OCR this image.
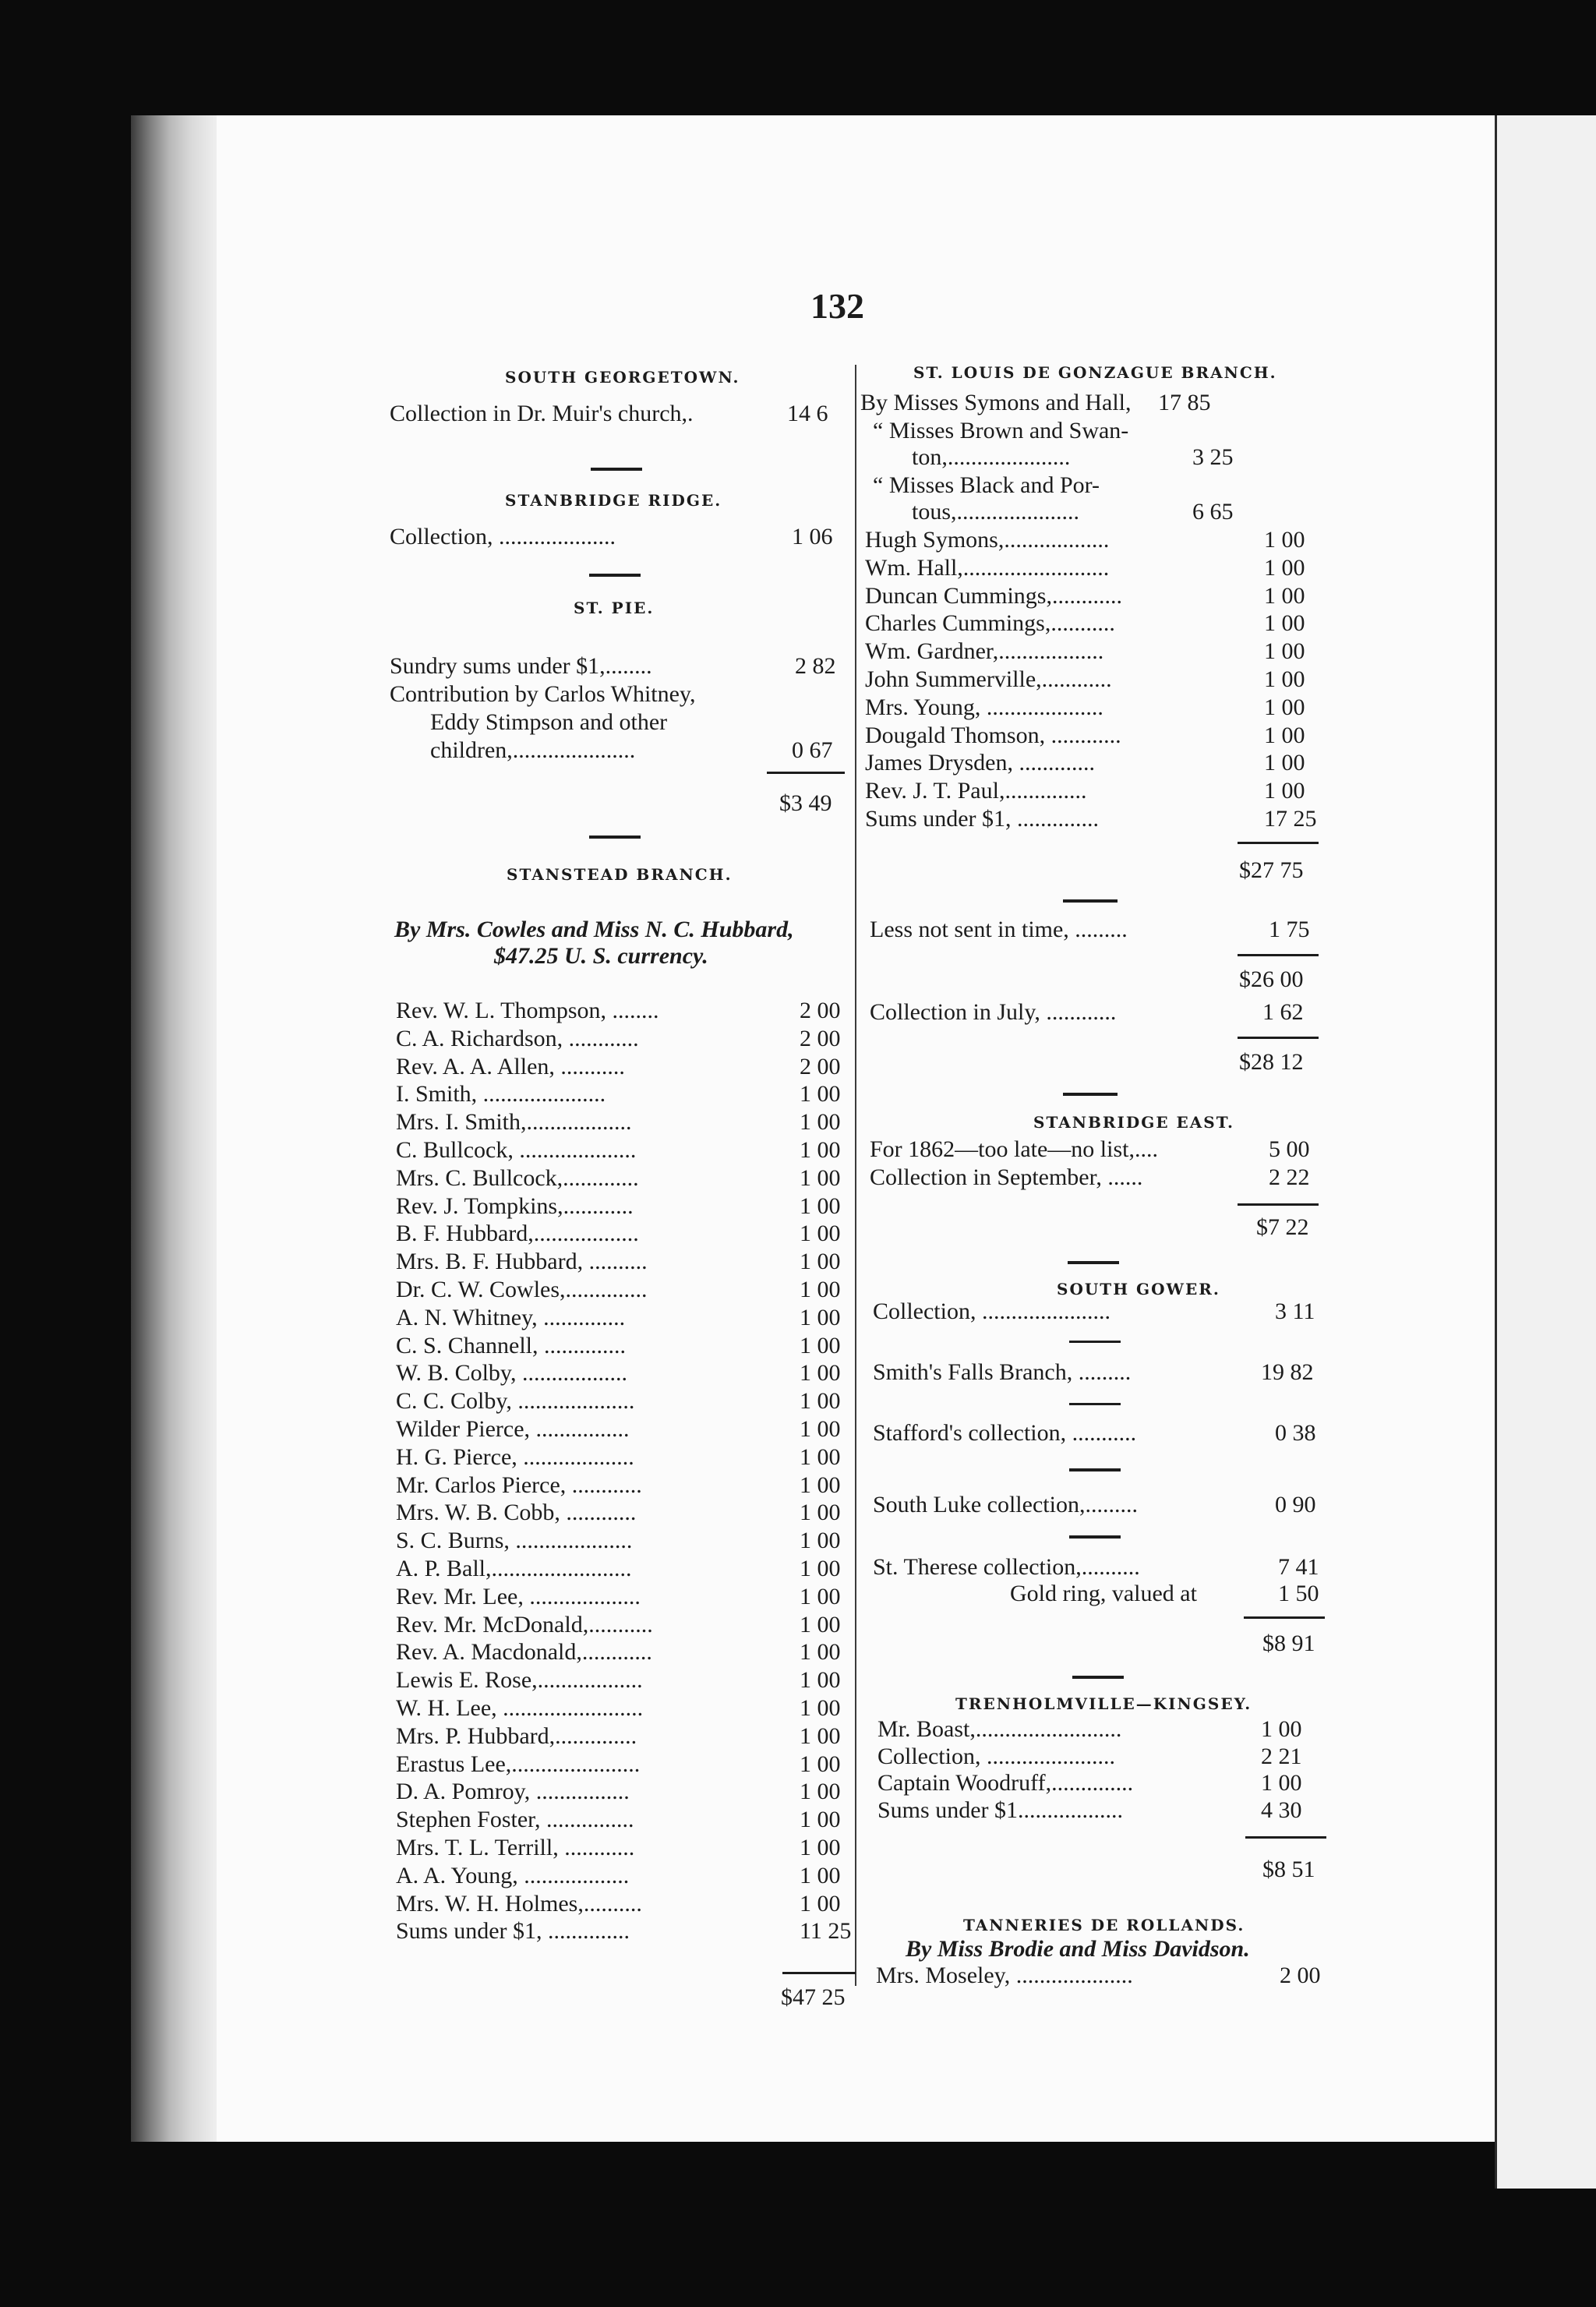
132
SOUTH GEORGETOWN.
Collection in Dr. Muir's church,.	14 6
STANBRIDGE RIDGE.
Collection, ....................	1 06
ST. PIE.
Sundry sums under $1,........	2 82
Contribution by Carlos Whitney,
Eddy Stimpson and other
children,.....................	0 67
$3 49
STANSTEAD BRANCH.
By Mrs. Cowles and Miss N. C. Hubbard,
$47.25 U. S. currency.
Rev. W. L. Thompson, ........	2 00
C. A. Richardson, ............	2 00
Rev. A. A. Allen, ...........	2 00
I. Smith, .....................	1 00
Mrs. I. Smith,..................	1 00
C. Bullcock, ....................	1 00
Mrs. C. Bullcock,.............	1 00
Rev. J. Tompkins,............	1 00
B. F. Hubbard,..................	1 00
Mrs. B. F. Hubbard, ..........	1 00
Dr. C. W. Cowles,..............	1 00
A. N. Whitney, ..............	1 00
C. S. Channell, ..............	1 00
W. B. Colby, ..................	1 00
C. C. Colby, ....................	1 00
Wilder Pierce, ................	1 00
H. G. Pierce, ...................	1 00
Mr. Carlos Pierce, ............	1 00
Mrs. W. B. Cobb, ............	1 00
S. C. Burns, ....................	1 00
A. P. Ball,........................	1 00
Rev. Mr. Lee, ...................	1 00
Rev. Mr. McDonald,...........	1 00
Rev. A. Macdonald,............	1 00
Lewis E. Rose,..................	1 00
W. H. Lee, ........................	1 00
Mrs. P. Hubbard,..............	1 00
Erastus Lee,......................	1 00
D. A. Pomroy, ................	1 00
Stephen Foster, ...............	1 00
Mrs. T. L. Terrill, ............	1 00
A. A. Young, ..................	1 00
Mrs. W. H. Holmes,..........	1 00
Sums under $1, ..............	11 25
$47 25
ST. LOUIS DE GONZAGUE BRANCH.
By Misses Symons and Hall, 17 85
“ Misses Brown and Swan-
ton,.....................	3 25
“ Misses Black and Por-
tous,.....................	6 65
Hugh Symons,..................	1 00
Wm. Hall,.........................	1 00
Duncan Cummings,............	1 00
Charles Cummings,...........	1 00
Wm. Gardner,..................	1 00
John Summerville,............	1 00
Mrs. Young, ....................	1 00
Dougald Thomson, ............	1 00
James Drysden, .............	1 00
Rev. J. T. Paul,..............	1 00
Sums under $1, ..............	17 25
$27 75
Less not sent in time, .........	1 75
$26 00
Collection in July, ............	1 62
$28 12
STANBRIDGE EAST.
For 1862—too late—no list,....	5 00
Collection in September, ......	2 22
$7 22
SOUTH GOWER.
Collection, ......................	3 11
Smith's Falls Branch, .........	19 82
Stafford's collection, ...........	0 38
South Luke collection,.........	0 90
St. Therese collection,..........	7 41
Gold ring, valued at	1 50
$8 91
TRENHOLMVILLE—KINGSEY.
Mr. Boast,.........................	1 00
Collection, ......................	2 21
Captain Woodruff,..............	1 00
Sums under $1..................	4 30
$8 51
TANNERIES DE ROLLANDS.
By Miss Brodie and Miss Davidson.
Mrs. Moseley, ....................	2 00
